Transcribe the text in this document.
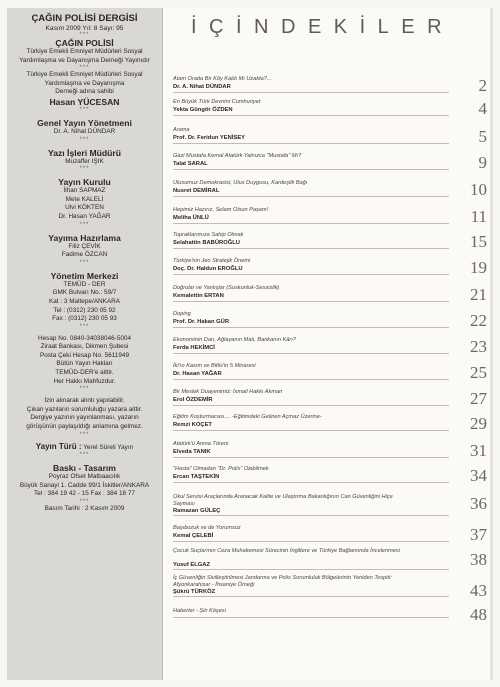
ÇAĞIN POLİSİ DERGİSİ
Kasım 2009 Yıl: 8 Sayı: 95
***
ÇAĞIN POLİSİ
Türkiye Emekli Emniyet Müdürleri Sosyal
Yardımlaşma ve Dayanışma Derneği Yayınıdır
***
Türkiye Emekli Emniyet Müdürleri Sosyal
Yardımlaşma ve Dayanışma
Derneği adına sahibi
Hasan YÜCESAN
***
Genel Yayın Yönetmeni
Dr. A. Nihat DÜNDAR
***
Yazı İşleri Müdürü
Muzaffer IŞIK
***
Yayın Kurulu
İlhan SAPMAZ
Mete KALELİ
Ulvi KÖKTEN
Dr. Hasan YAĞAR
***
Yayıma Hazırlama
Filiz ÇEVİK
Fadime ÖZCAN
***
Yönetim Merkezi
TEMÜD - DER
GMK Bulvarı No.: 59/7
Kat : 3 Maltepe/ANKARA
Tel : (0312) 230 05 92
Fax : (0312) 230 05 93
***
Hesap No. 0840-34038046-5004
Ziraat Bankası, Dikmen Şubesi
Posta Çeki Hesap No. 5611949
Bütün Yayın Hakları
TEMÜD-DER'e aittir.
Her Hakkı Mahfuzdur.
***
İzin alınarak alıntı yapılabilir.
Çıkan yazıların sorumluluğu yazara aittir.
Dergiye yazının yayınlanması, yazarın
görüşünün paylaşıldığı anlamına gelmez.
***
Yayın Türü : Yerel Süreli Yayın
***
Baskı - Tasarım
Poyraz Ofset Matbaacılık
Büyük Sanayi 1. Cadde 99/1 İskitler/ANKARA
Tel : 384 19 42 - 15 Fax : 384 18 77
***
Basım Tarihi : 2 Kasım 2009
İÇİNDEKİLER
Atam Orada Bir Köy Kaldı Mı Uzakta?...
Dr. A. Nihat DÜNDAR	2
En Büyük Türk Devrimi Cumhuriyet
Yekta Güngör ÖZDEN	4
Arama
Prof. Dr. Feridun YENİSEY	5
Gazi Mustafa Kemal Atatürk Yalnızca "Mustafa" Mı?
Talat SARAL	9
Ulusumuz Demokrasisi, Ulus Duygusu, Kardeşlik Bağı
Nusret DEMİRAL	10
Hepimiz Hazırız, Selam Olsun Paşam!
Meliha ÜNLÜ	11
Topraklarımıza Sahip Olmak
Selahattin BABÜROĞLU	15
Türkiye'nin Jeo Stratejik Önemi
Doç. Dr. Haldun EROĞLU	19
Doğrular ve Yanlışlar (Suskunluk-Sessizlik)
Kemalettin ERTAN	21
Doping
Prof. Dr. Hakan GÜR	22
Ekonominin Darı, Ağlayanın Malı, Bankanın Kârı?
Ferda HEKİMCİ	23
İki'ro Kasım ve Bitlis'in 5 Minaresi
Dr. Hasan YAĞAR	25
Bir Meslek Duayenimiz: İsmail Hakkı Akman
Erol ÖZDEMİR	27
Eğitim Koşturmacası.... -Eğitimdeki Gelinen Açmaz Üzerine-
Remzi KOÇET	29
Atatürk'ü Anma Töreni
Elveda TANIK	31
"Hasta" Olmadan "Dr. Polis" Olabilmek
Ercan TAŞTEKİN	34
Okul Servisi Araçlarında Aranacak Kalite ve Ulaştırma Bakanlığının Can Güvenliğini Hiçe Sayması
Ramazan GÜLEÇ	36
Başıbozuk ve de Yorumsuz
Kemal ÇELEBİ	37
Çocuk Suçlarının Ceza Muhakemesi Sürecinin İngiltere ve Türkiye Bağlamında İncelenmesi
Yusuf ELGAZ	38
İç Güvenliğin Sivilleştirilmesi Jandarma ve Polis Sorumluluk Bölgelerinin Yeniden Tespiti: Afyonkarahisar - İhsaniye Örneği
Şükrü TÜRKÖZ	43
Haberler - Şiir Köşesi	48
